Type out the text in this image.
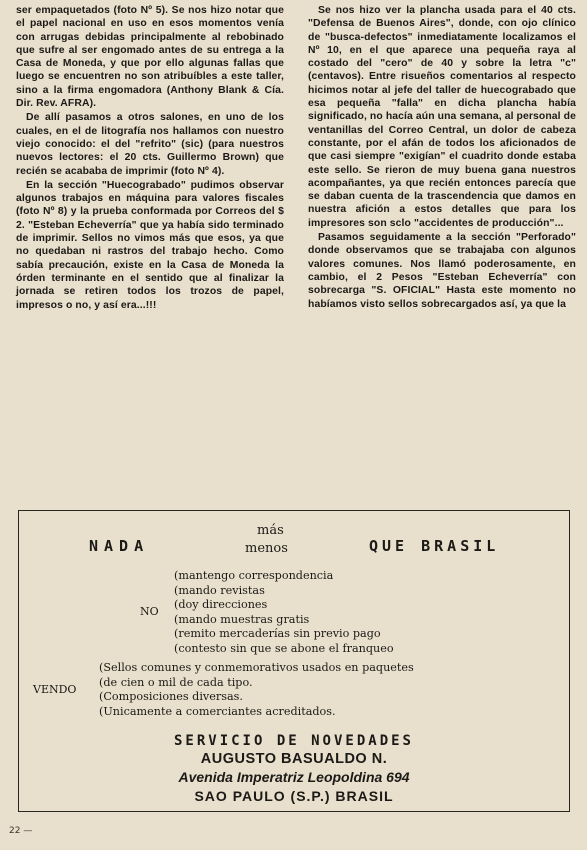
ser empaquetados (foto Nº 5). Se nos hizo notar que el papel nacional en uso en esos momentos venía con arrugas debidas principalmente al rebobinado que sufre al ser engomado antes de su entrega a la Casa de Moneda, y que por ello algunas fallas que luego se encuentren no son atribuíbles a este taller, sino a la firma engomadora (Anthony Blank & Cía. Dir. Rev. AFRA).

De allí pasamos a otros salones, en uno de los cuales, en el de litografía nos hallamos con nuestro viejo conocido: el del "refrito" (sic) (para nuestros nuevos lectores: el 20 cts. Guillermo Brown) que recién se acababa de imprimir (foto Nº 4).

En la sección "Huecograbado" pudimos observar algunos trabajos en máquina para valores fiscales (foto Nº 8) y la prueba conformada por Correos del $ 2. "Esteban Echeverría" que ya había sido terminado de imprimir. Sellos no vimos más que esos, ya que no quedaban ni rastros del trabajo hecho. Como sabía precaución, existe en la Casa de Moneda la órden terminante en el sentido que al finalizar la jornada se retiren todos los trozos de papel, impresos o no, y así era...!!!

Se nos hizo ver la plancha usada para el 40 cts. "Defensa de Buenos Aires", donde, con ojo clínico de "busca-defectos" inmediatamente localizamos el Nº 10, en el que aparece una pequeña raya al costado del "cero" de 40 y sobre la letra "c" (centavos). Entre risueños comentarios al respecto hicimos notar al jefe del taller de huecograbado que esa pequeña "falla" en dicha plancha había significado, no hacía aún una semana, al personal de ventanillas del Correo Central, un dolor de cabeza constante, por el afán de todos los aficionados de que casi siempre "exigían" el cuadrito donde estaba este sello. Se rieron de muy buena gana nuestros acompañantes, ya que recién entonces parecía que se daban cuenta de la trascendencia que damos en nuestra afición a estos detalles que para los impresores son sclo "accidentes de producción"...

Pasamos seguidamente a la sección "Perforado" donde observamos que se trabajaba con algunos valores comunes. Nos llamó poderosamente, en cambio, el 2 Pesos "Esteban Echeverría" con sobrecarga "S. OFICIAL" Hasta este momento no habíamos visto sellos sobrecargados así, ya que la

NADA
más
menos	QUE BRASIL
NO
(mantengo correspondencia
(mando revistas
(doy direcciones
(mando muestras gratis
(remito mercaderías sin previo pago
(contesto sin que se abone el franqueo
VENDO
(Sellos comunes y conmemorativos usados en paquetes
(de cien o mil de cada tipo.
(Composiciones diversas.
(Unicamente a comerciantes acreditados.
SERVICIO DE NOVEDADES
AUGUSTO BASUALDO N.
Avenida Imperatriz Leopoldina 694
SAO PAULO (S.P.) BRASIL
22 —
